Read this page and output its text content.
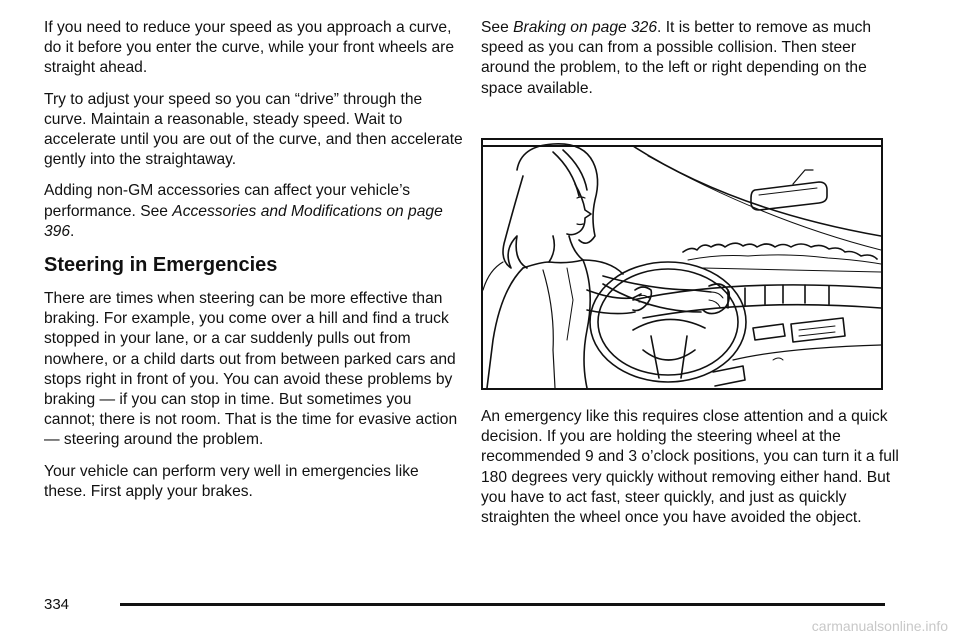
If you need to reduce your speed as you approach a curve, do it before you enter the curve, while your front wheels are straight ahead.

Try to adjust your speed so you can “drive” through the curve. Maintain a reasonable, steady speed. Wait to accelerate until you are out of the curve, and then accelerate gently into the straightaway.

Adding non-GM accessories can affect your vehicle’s performance. See Accessories and Modifications on page 396.

Steering in Emergencies

There are times when steering can be more effective than braking. For example, you come over a hill and find a truck stopped in your lane, or a car suddenly pulls out from nowhere, or a child darts out from between parked cars and stops right in front of you. You can avoid these problems by braking — if you can stop in time. But sometimes you cannot; there is not room. That is the time for evasive action — steering around the problem.

Your vehicle can perform very well in emergencies like these. First apply your brakes.

See Braking on page 326. It is better to remove as much speed as you can from a possible collision. Then steer around the problem, to the left or right depending on the space available.

An emergency like this requires close attention and a quick decision. If you are holding the steering wheel at the recommended 9 and 3 o’clock positions, you can turn it a full 180 degrees very quickly without removing either hand. But you have to act fast, steer quickly, and just as quickly straighten the wheel once you have avoided the object.

334
carmanualsonline.info
